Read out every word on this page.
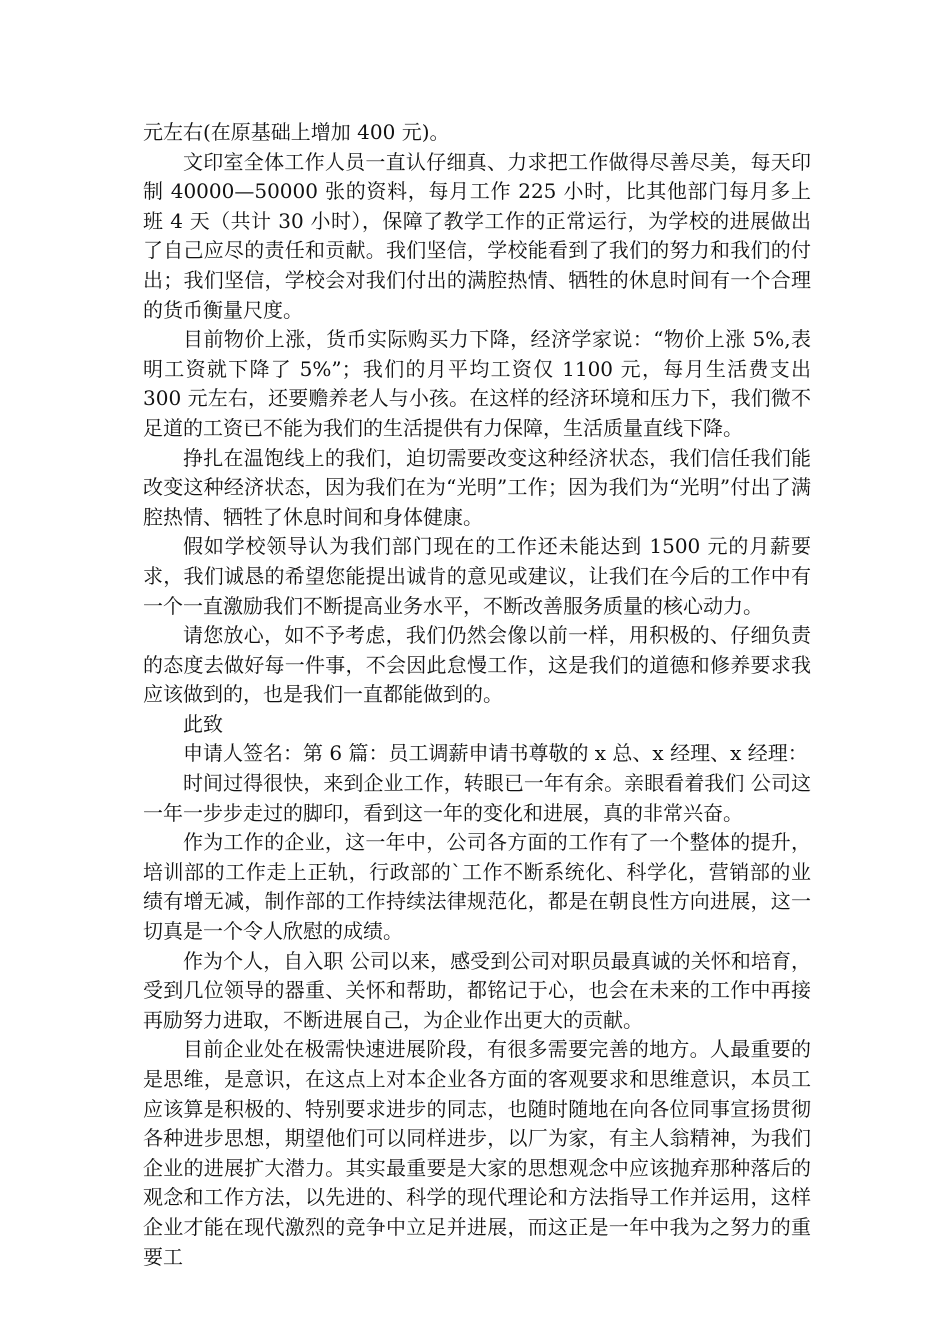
元左右(在原基础上增加 400 元)。

文印室全体工作人员一直认仔细真、力求把工作做得尽善尽美，每天印制 40000—50000 张的资料，每月工作 225 小时，比其他部门每月多上班 4 天（共计 30 小时），保障了教学工作的正常运行，为学校的进展做出了自己应尽的责任和贡献。我们坚信，学校能看到了我们的努力和我们的付出；我们坚信，学校会对我们付出的满腔热情、牺牲的休息时间有一个合理的货币衡量尺度。

目前物价上涨，货币实际购买力下降，经济学家说：“物价上涨 5%,表明工资就下降了 5%”；我们的月平均工资仅 1100 元，每月生活费支出 300 元左右，还要赡养老人与小孩。在这样的经济环境和压力下，我们微不足道的工资已不能为我们的生活提供有力保障，生活质量直线下降。

挣扎在温饱线上的我们，迫切需要改变这种经济状态，我们信任我们能改变这种经济状态，因为我们在为“光明”工作；因为我们为“光明”付出了满腔热情、牺牲了休息时间和身体健康。

假如学校领导认为我们部门现在的工作还未能达到 1500 元的月薪要求，我们诚恳的希望您能提出诚肯的意见或建议，让我们在今后的工作中有一个一直激励我们不断提高业务水平，不断改善服务质量的核心动力。

请您放心，如不予考虑，我们仍然会像以前一样，用积极的、仔细负责的态度去做好每一件事，不会因此怠慢工作，这是我们的道德和修养要求我应该做到的，也是我们一直都能做到的。

此致

申请人签名：第 6 篇：员工调薪申请书尊敬的 x 总、x 经理、x 经理：

时间过得很快，来到企业工作，转眼已一年有余。亲眼看着我们 公司这一年一步步走过的脚印，看到这一年的变化和进展，真的非常兴奋。

作为工作的企业，这一年中，公司各方面的工作有了一个整体的提升，培训部的工作走上正轨，行政部的`工作不断系统化、科学化，营销部的业绩有增无减，制作部的工作持续法律规范化，都是在朝良性方向进展，这一切真是一个令人欣慰的成绩。

作为个人，自入职 公司以来，感受到公司对职员最真诚的关怀和培育，受到几位领导的器重、关怀和帮助，都铭记于心，也会在未来的工作中再接再励努力进取，不断进展自己，为企业作出更大的贡献。

目前企业处在极需快速进展阶段，有很多需要完善的地方。人最重要的是思维，是意识，在这点上对本企业各方面的客观要求和思维意识，本员工应该算是积极的、特别要求进步的同志，也随时随地在向各位同事宣扬贯彻各种进步思想，期望他们可以同样进步，以厂为家，有主人翁精神，为我们 企业的进展扩大潜力。其实最重要是大家的思想观念中应该抛弃那种落后的观念和工作方法，以先进的、科学的现代理论和方法指导工作并运用，这样企业才能在现代激烈的竞争中立足并进展，而这正是一年中我为之努力的重要工
